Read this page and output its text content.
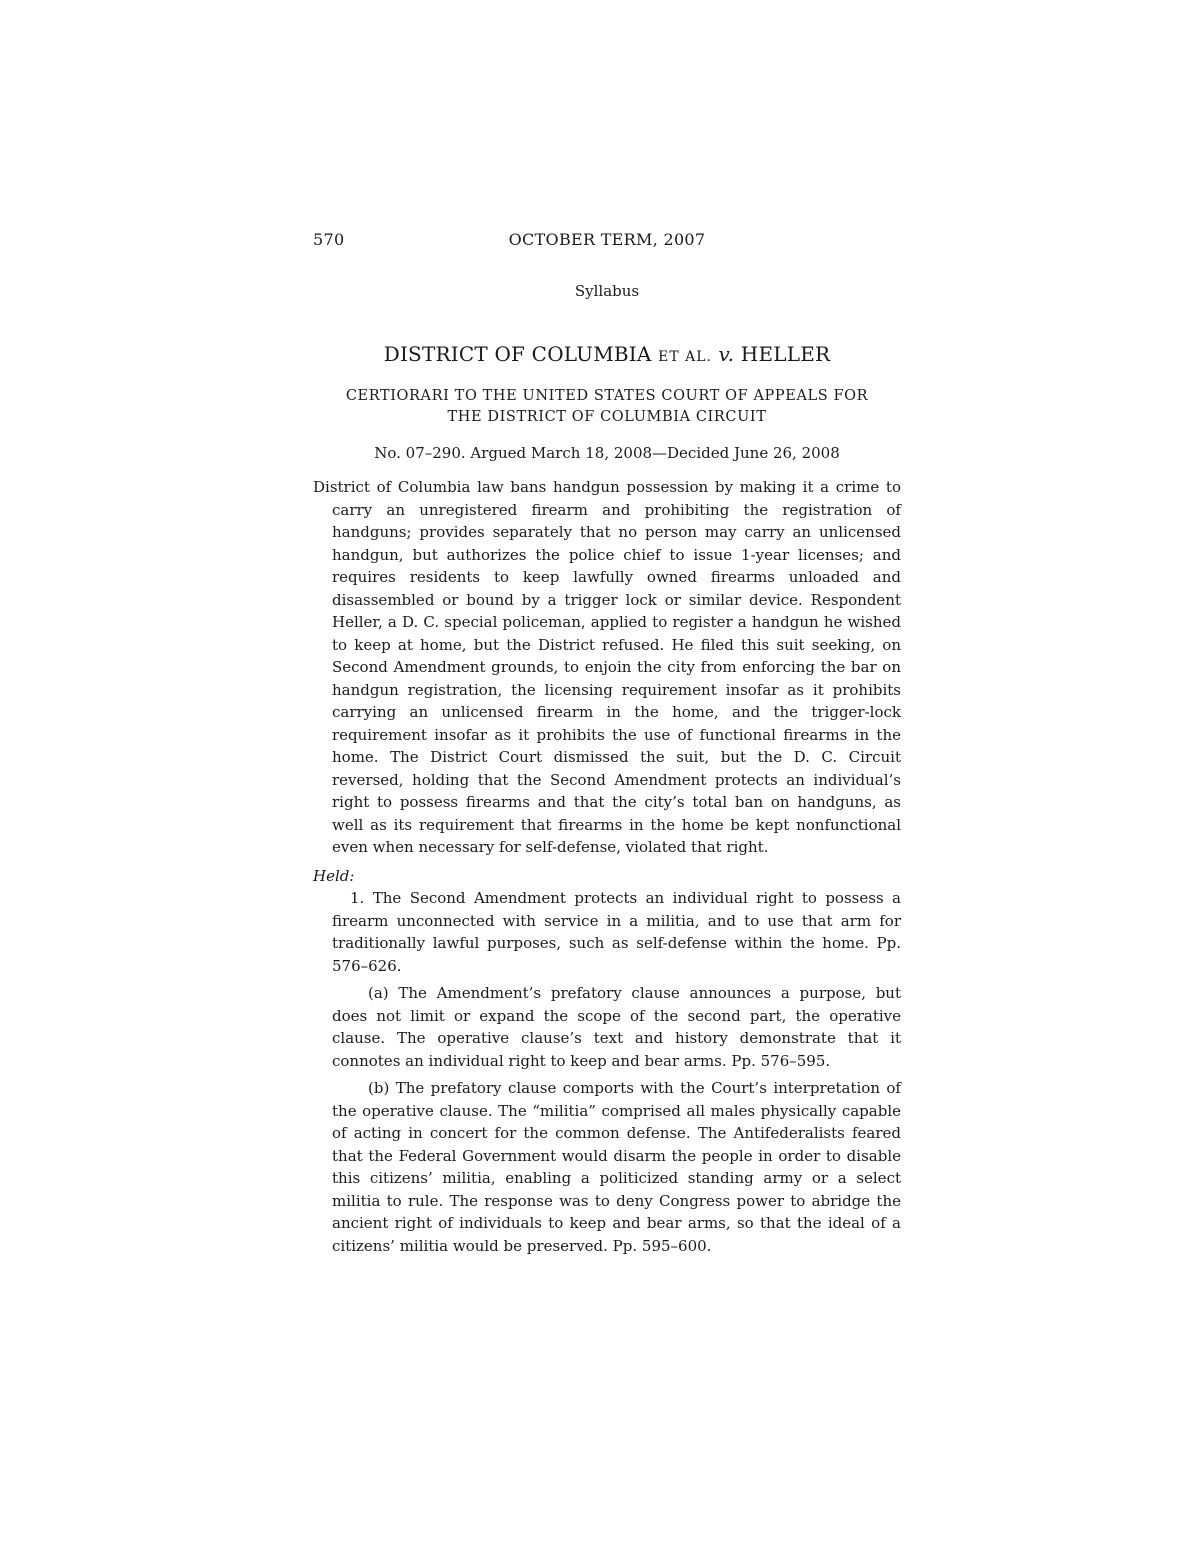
570	OCTOBER TERM, 2007
Syllabus
DISTRICT OF COLUMBIA ET AL. v. HELLER
CERTIORARI TO THE UNITED STATES COURT OF APPEALS FOR
THE DISTRICT OF COLUMBIA CIRCUIT
No. 07–290. Argued March 18, 2008—Decided June 26, 2008
District of Columbia law bans handgun possession by making it a crime to carry an unregistered firearm and prohibiting the registration of handguns; provides separately that no person may carry an unlicensed handgun, but authorizes the police chief to issue 1-year licenses; and requires residents to keep lawfully owned firearms unloaded and disassembled or bound by a trigger lock or similar device. Respondent Heller, a D. C. special policeman, applied to register a handgun he wished to keep at home, but the District refused. He filed this suit seeking, on Second Amendment grounds, to enjoin the city from enforcing the bar on handgun registration, the licensing requirement insofar as it prohibits carrying an unlicensed firearm in the home, and the trigger-lock requirement insofar as it prohibits the use of functional firearms in the home. The District Court dismissed the suit, but the D. C. Circuit reversed, holding that the Second Amendment protects an individual’s right to possess firearms and that the city’s total ban on handguns, as well as its requirement that firearms in the home be kept nonfunctional even when necessary for self-defense, violated that right.
Held:
1. The Second Amendment protects an individual right to possess a firearm unconnected with service in a militia, and to use that arm for traditionally lawful purposes, such as self-defense within the home. Pp. 576–626.
(a) The Amendment’s prefatory clause announces a purpose, but does not limit or expand the scope of the second part, the operative clause. The operative clause’s text and history demonstrate that it connotes an individual right to keep and bear arms. Pp. 576–595.
(b) The prefatory clause comports with the Court’s interpretation of the operative clause. The “militia” comprised all males physically capable of acting in concert for the common defense. The Antifederalists feared that the Federal Government would disarm the people in order to disable this citizens’ militia, enabling a politicized standing army or a select militia to rule. The response was to deny Congress power to abridge the ancient right of individuals to keep and bear arms, so that the ideal of a citizens’ militia would be preserved. Pp. 595–600.
